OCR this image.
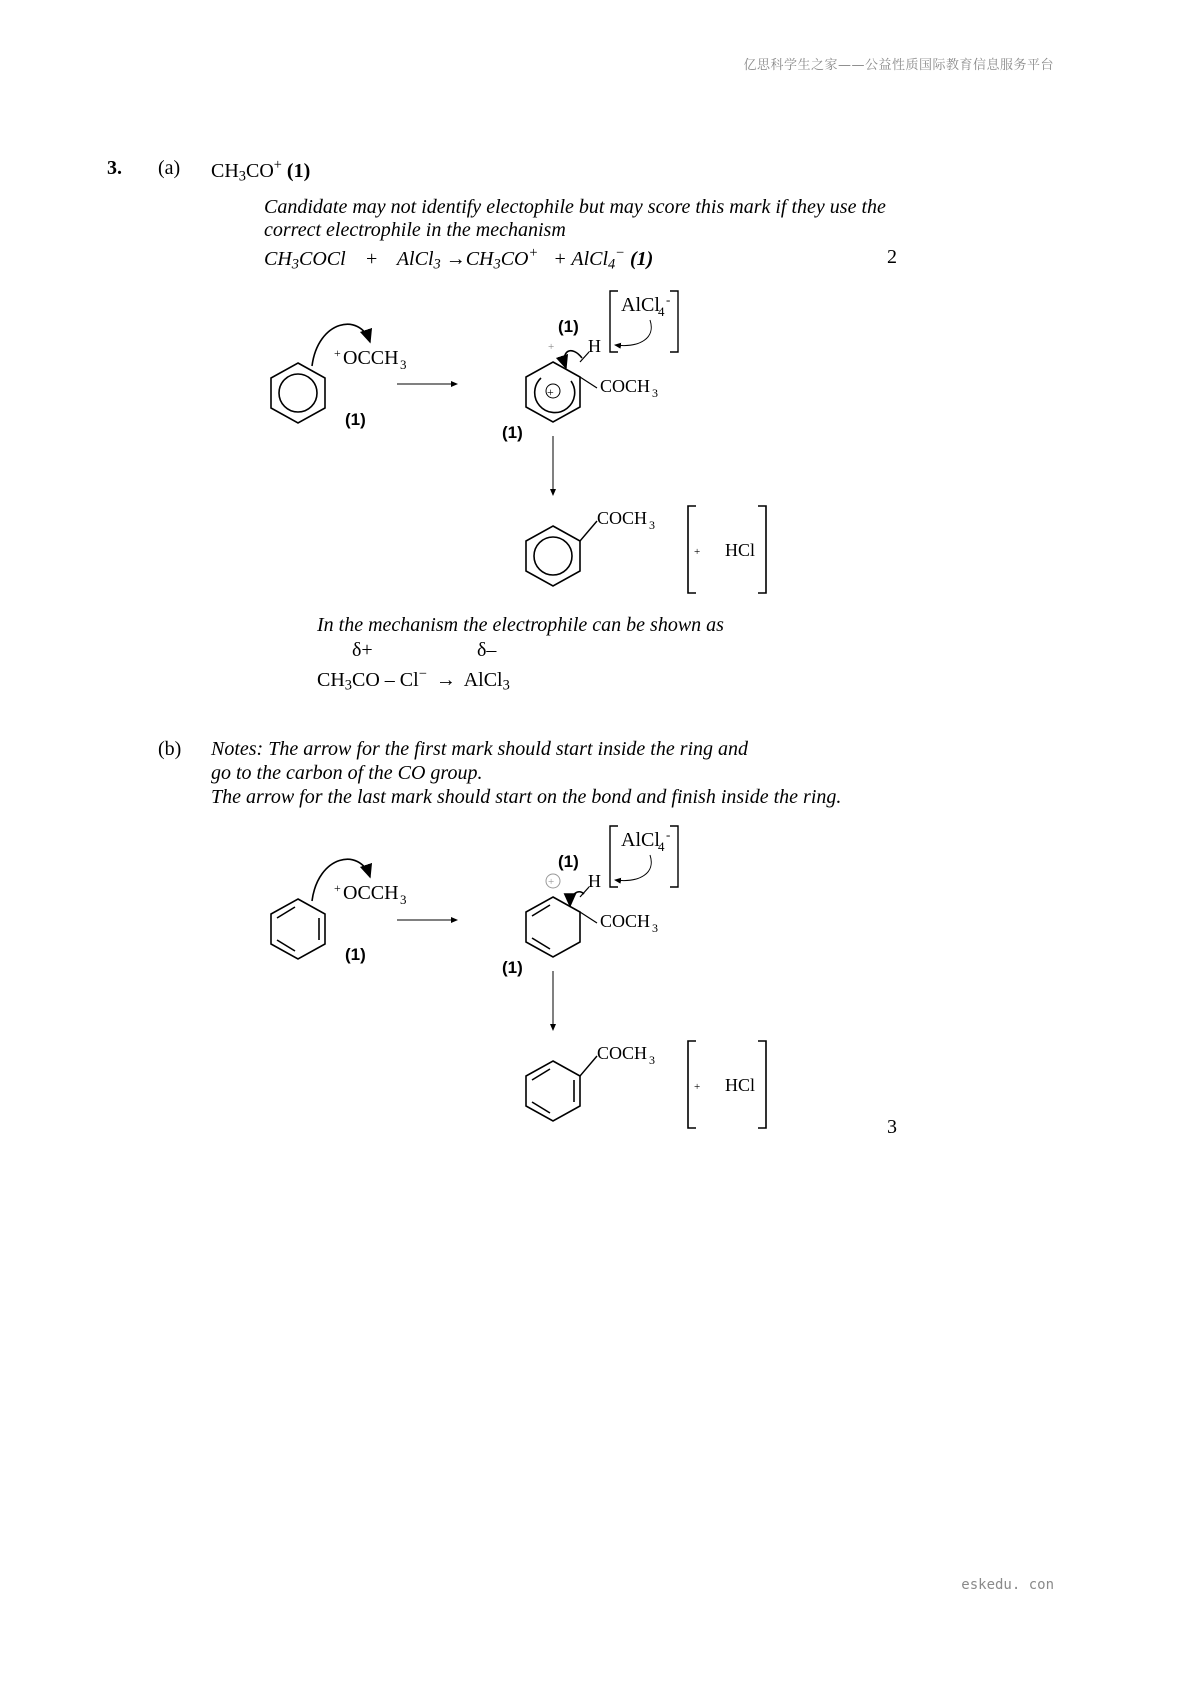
亿思科学生之家——公益性质国际教育信息服务平台
3. (a) $CH_3CO^+$ (1)
Candidate may not identify electophile but may score this mark if they use the
correct electrophile in the mechanism
$CH_3COCl$ + AlCl$_3$ $\to CH_3CO^+$ + AlCl$_4$− (1)	2
+ OCCH 3
(1)
+
+ H
(1)
COCH 3
(1)
AlCl
4
-
COCH 3
+ HCl
+ OCCH 3
(1)
+ H
(1)
COCH 3
(1)
AlCl
4
-
COCH 3
+ HCl
In the mechanism the electrophile can be shown as
δ+	δ–
$CH_3CO - Cl^-$ → AlCl$_3$
(b) Notes: The arrow for the first mark should start inside the ring and
go to the carbon of the CO group.
The arrow for the last mark should start on the bond and finish inside the ring.
3
eskedu. con
